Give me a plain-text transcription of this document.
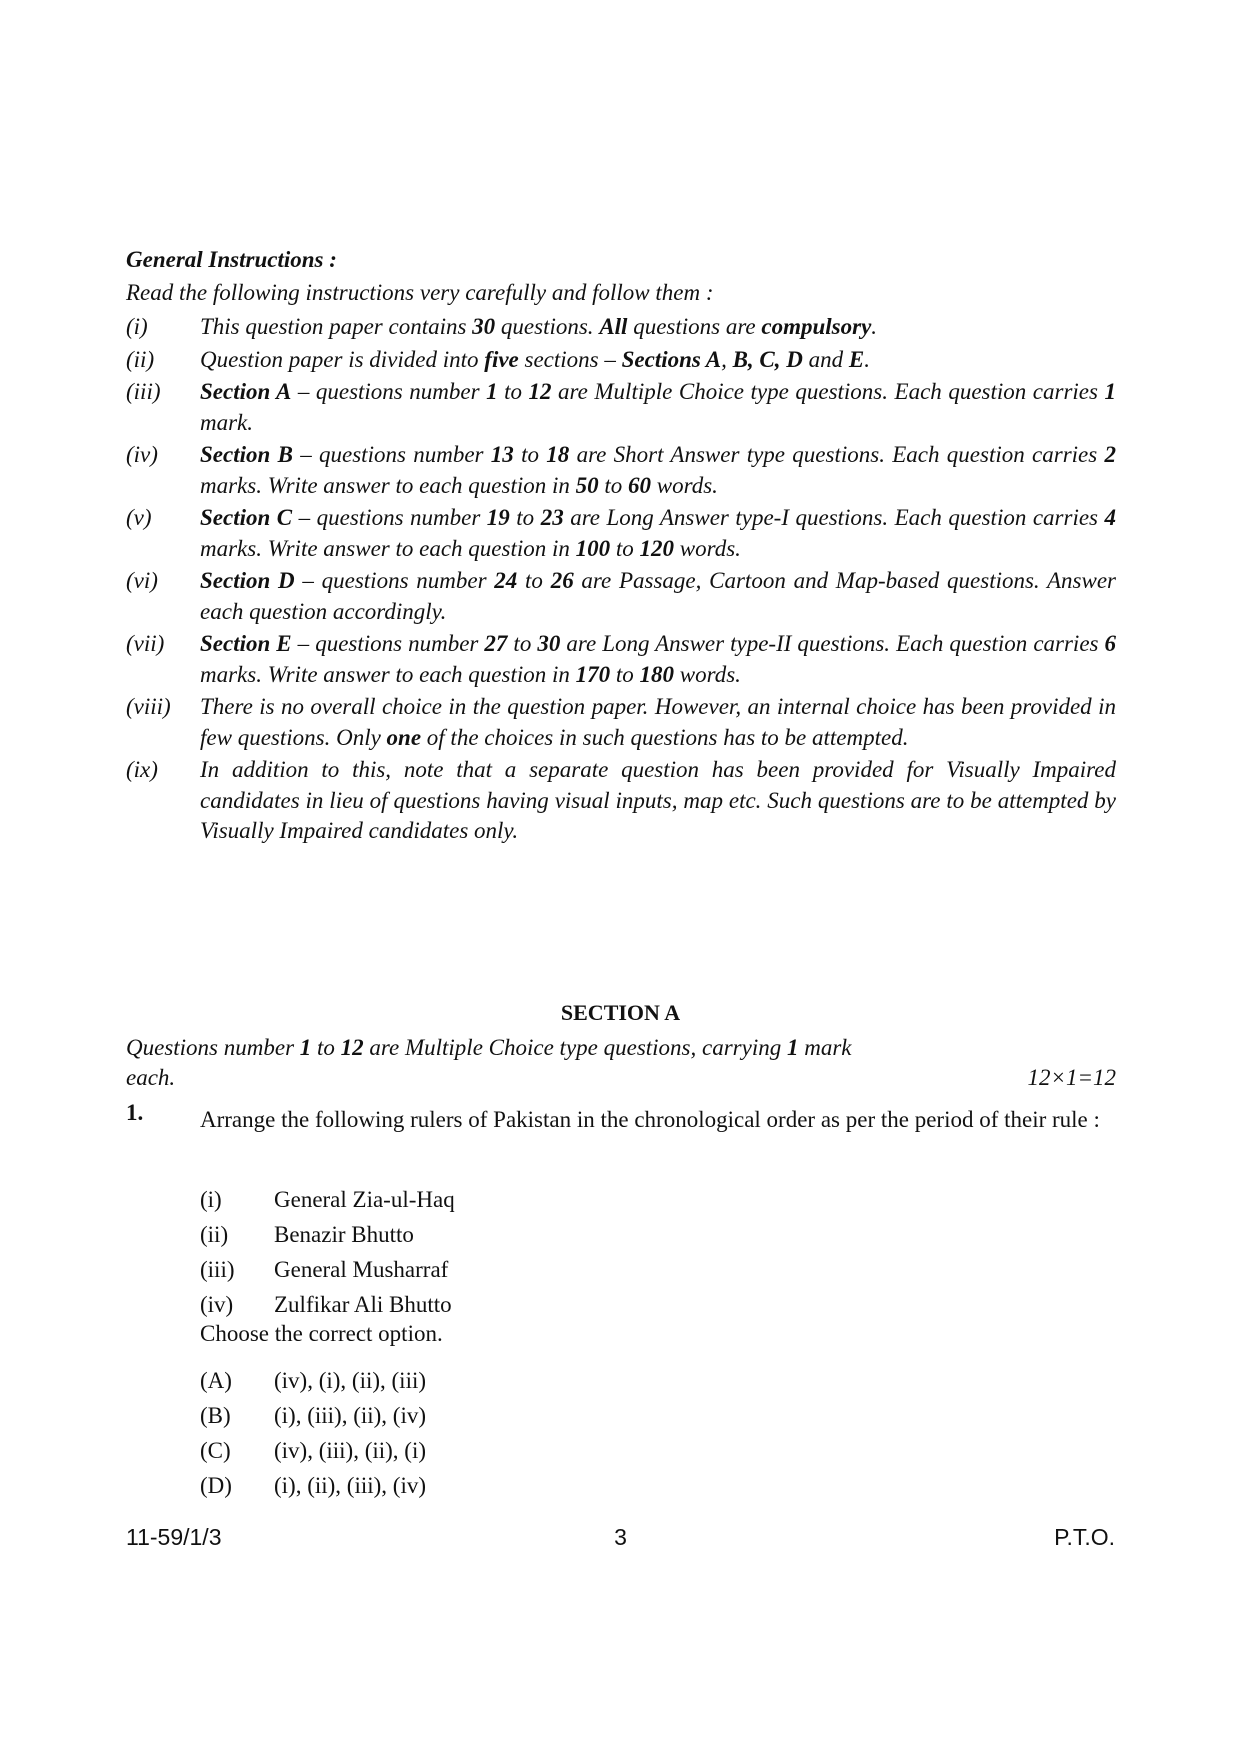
General Instructions :
Read the following instructions very carefully and follow them :
(i)	This question paper contains 30 questions. All questions are compulsory.
(ii)	Question paper is divided into five sections – Sections A, B, C, D and E.
(iii)	Section A – questions number 1 to 12 are Multiple Choice type questions. Each question carries 1 mark.
(iv)	Section B – questions number 13 to 18 are Short Answer type questions. Each question carries 2 marks. Write answer to each question in 50 to 60 words.
(v)	Section C – questions number 19 to 23 are Long Answer type-I questions. Each question carries 4 marks. Write answer to each question in 100 to 120 words.
(vi)	Section D – questions number 24 to 26 are Passage, Cartoon and Map-based questions. Answer each question accordingly.
(vii)	Section E – questions number 27 to 30 are Long Answer type-II questions. Each question carries 6 marks. Write answer to each question in 170 to 180 words.
(viii)	There is no overall choice in the question paper. However, an internal choice has been provided in few questions. Only one of the choices in such questions has to be attempted.
(ix)	In addition to this, note that a separate question has been provided for Visually Impaired candidates in lieu of questions having visual inputs, map etc. Such questions are to be attempted by Visually Impaired candidates only.
SECTION A
Questions number 1 to 12 are Multiple Choice type questions, carrying 1 mark
each.	12×1=12
1. Arrange the following rulers of Pakistan in the chronological order as per the period of their rule :
(i)	General Zia-ul-Haq
(ii)	Benazir Bhutto
(iii)	General Musharraf
(iv)	Zulfikar Ali Bhutto
Choose the correct option.
(A)	(iv), (i), (ii), (iii)
(B)	(i), (iii), (ii), (iv)
(C)	(iv), (iii), (ii), (i)
(D)	(i), (ii), (iii), (iv)
11-59/1/3	3	P.T.O.
